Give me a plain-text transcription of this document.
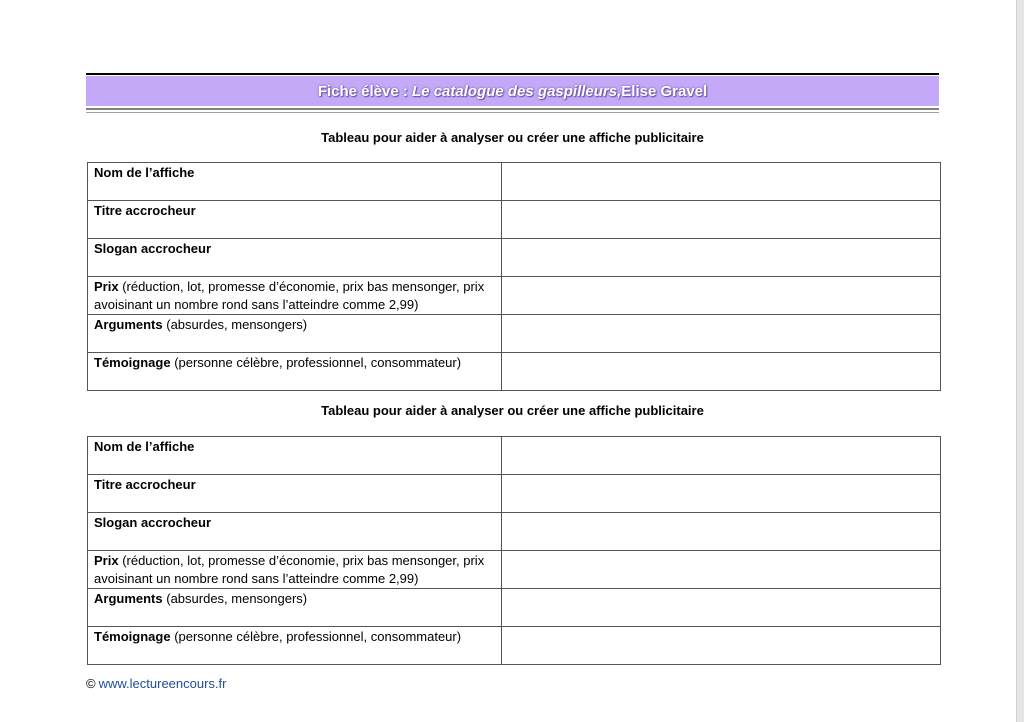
Fiche élève :
Le catalogue des gaspilleurs, Elise Gravel
Tableau pour aider à analyser ou créer une affiche publicitaire
Nom de l’affiche	
Titre accrocheur	
Slogan accrocheur	
Prix (réduction, lot, promesse d’économie, prix bas mensonger, prix avoisinant un nombre rond sans l’atteindre comme 2,99)	
Arguments (absurdes, mensongers)	
Témoignage (personne célèbre, professionnel, consommateur)	
Tableau pour aider à analyser ou créer une affiche publicitaire
Nom de l’affiche	
Titre accrocheur	
Slogan accrocheur	
Prix (réduction, lot, promesse d’économie, prix bas mensonger, prix avoisinant un nombre rond sans l’atteindre comme 2,99)	
Arguments (absurdes, mensongers)	
Témoignage (personne célèbre, professionnel, consommateur)	
© www.lectureencours.fr
